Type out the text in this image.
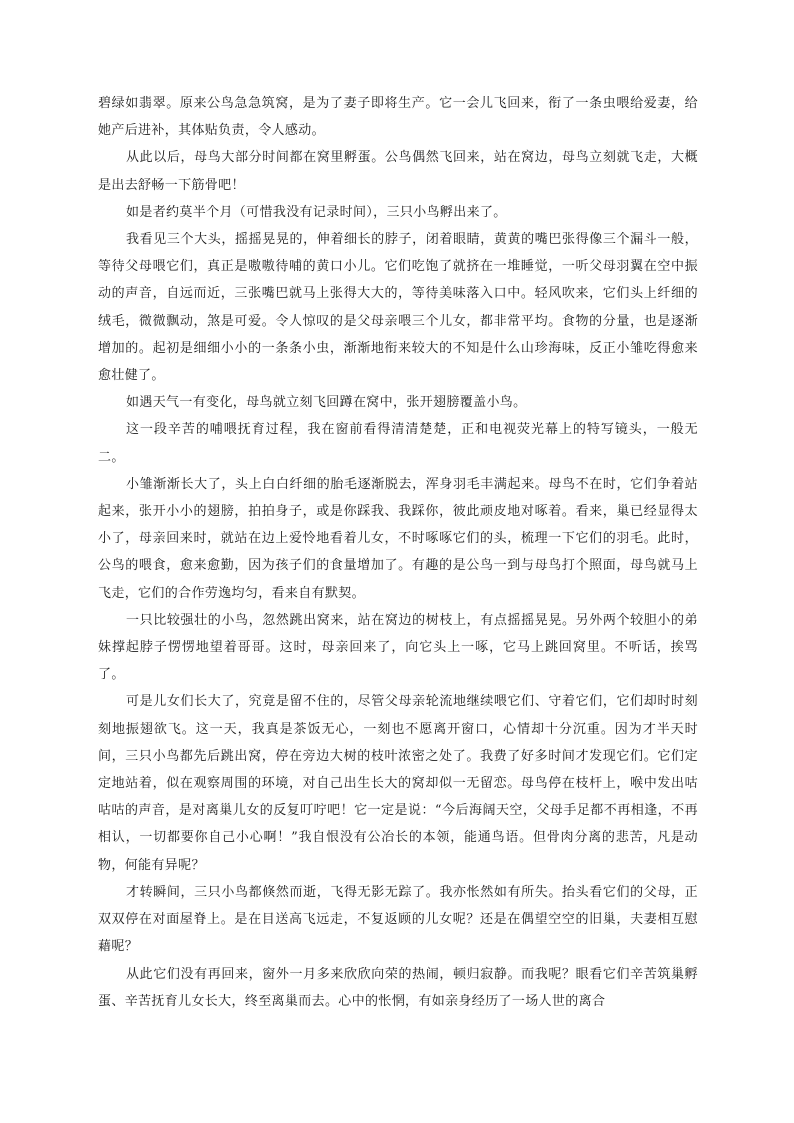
碧绿如翡翠。原来公鸟急急筑窝，是为了妻子即将生产。它一会儿飞回来，衔了一条虫喂给爱妻，给她产后进补，其体贴负责，令人感动。

从此以后，母鸟大部分时间都在窝里孵蛋。公鸟偶然飞回来，站在窝边，母鸟立刻就飞走，大概是出去舒畅一下筋骨吧！

如是者约莫半个月（可惜我没有记录时间），三只小鸟孵出来了。

我看见三个大头，摇摇晃晃的，伸着细长的脖子，闭着眼睛，黄黄的嘴巴张得像三个漏斗一般，等待父母喂它们，真正是嗷嗷待哺的黄口小儿。它们吃饱了就挤在一堆睡觉，一听父母羽翼在空中振动的声音，自远而近，三张嘴巴就马上张得大大的，等待美味落入口中。轻风吹来，它们头上纤细的绒毛，微微飘动，煞是可爱。令人惊叹的是父母亲喂三个儿女，都非常平均。食物的分量，也是逐渐增加的。起初是细细小小的一条条小虫，渐渐地衔来较大的不知是什么山珍海味，反正小雏吃得愈来愈壮健了。

如遇天气一有变化，母鸟就立刻飞回蹲在窝中，张开翅膀覆盖小鸟。

这一段辛苦的哺喂抚育过程，我在窗前看得清清楚楚，正和电视荧光幕上的特写镜头，一般无二。

小雏渐渐长大了，头上白白纤细的胎毛逐渐脱去，浑身羽毛丰满起来。母鸟不在时，它们争着站起来，张开小小的翅膀，拍拍身子，或是你踩我、我踩你，彼此顽皮地对啄着。看来，巢已经显得太小了，母亲回来时，就站在边上爱怜地看着儿女，不时啄啄它们的头，梳理一下它们的羽毛。此时，公鸟的喂食，愈来愈勤，因为孩子们的食量增加了。有趣的是公鸟一到与母鸟打个照面，母鸟就马上飞走，它们的合作劳逸均匀，看来自有默契。

一只比较强壮的小鸟，忽然跳出窝来，站在窝边的树枝上，有点摇摇晃晃。另外两个较胆小的弟妹撑起脖子愣愣地望着哥哥。这时，母亲回来了，向它头上一啄，它马上跳回窝里。不听话，挨骂了。

可是儿女们长大了，究竟是留不住的，尽管父母亲轮流地继续喂它们、守着它们，它们却时时刻刻地振翅欲飞。这一天，我真是茶饭无心，一刻也不愿离开窗口，心情却十分沉重。因为才半天时间，三只小鸟都先后跳出窝，停在旁边大树的枝叶浓密之处了。我费了好多时间才发现它们。它们定定地站着，似在观察周围的环境，对自己出生长大的窝却似一无留恋。母鸟停在枝杆上，喉中发出咕咕咕的声音，是对离巢儿女的反复叮咛吧！它一定是说：“今后海阔天空，父母手足都不再相逢，不再相认，一切都要你自己小心啊！”我自恨没有公冶长的本领，能通鸟语。但骨肉分离的悲苦，凡是动物，何能有异呢？

才转瞬间，三只小鸟都倏然而逝，飞得无影无踪了。我亦怅然如有所失。抬头看它们的父母，正双双停在对面屋脊上。是在目送高飞远走，不复返顾的儿女呢？还是在偶望空空的旧巢，夫妻相互慰藉呢？

从此它们没有再回来，窗外一月多来欣欣向荣的热闹，顿归寂静。而我呢？眼看它们辛苦筑巢孵蛋、辛苦抚育儿女长大，终至离巢而去。心中的怅惘，有如亲身经历了一场人世的离合
